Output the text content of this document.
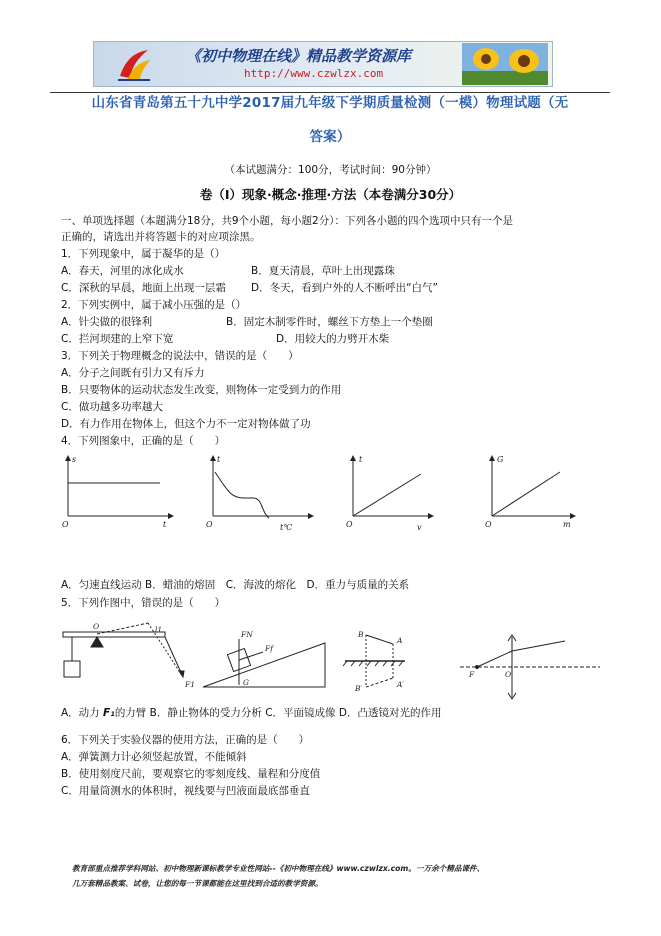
《初中物理在线》精品教学资源库
http://www.czwlzx.com
山东省青岛第五十九中学2017届九年级下学期质量检测（一模）物理试题（无
答案）
（本试题满分：100分，考试时间：90分钟）
卷（Ⅰ）现象·概念·推理·方法（本卷满分30分）
一、单项选择题（本题满分18分，共9个小题，每小题2分）：下列各小题的四个选项中只有一个是
正确的，请选出并将答题卡的对应项涂黑。
1．下列现象中，属于凝华的是（）
A．春天，河里的冰化成水	B．夏天清晨，草叶上出现露珠
C．深秋的早晨，地面上出现一层霜 D．冬天，看到户外的人不断呼出“白气”
2．下列实例中，属于减小压强的是（）
A．针尖做的很锋利	B．固定木制零件时，螺丝下方垫上一个垫圈
C．拦河坝建的上窄下宽	D．用较大的力劈开木柴
3．下列关于物理概念的说法中，错误的是（　　）
A．分子之间既有引力又有斥力
B．只要物体的运动状态发生改变，则物体一定受到力的作用
C．做功越多功率越大
D．有力作用在物体上，但这个力不一定对物体做了功
4．下列图象中，正确的是（　　）
s
t
O
t
t℃
O
t
v
O
G
O	m
A．匀速直线运动 B．蜡油的熔固　C．海波的熔化　D．重力与质量的关系
5．下列作图中，错误的是（　　）
O	l1
F1
FN
Ff
G
B
A
B′	A′
F	O
A．动力 F₁的力臂 B．静止物体的受力分析 C．平面镜成像 D．凸透镜对光的作用
6．下列关于实验仪器的使用方法，正确的是（　　）
A．弹簧测力计必须竖起放置，不能倾斜
B．使用刻度尺前，要观察它的零刻度线、量程和分度值
C．用量筒测水的体积时，视线要与凹液面最底部垂直
教育部重点推荐学科网站、初中物理新课标教学专业性网站--《初中物理在线》www.czwlzx.com。一万余个精品课件、
几万套精品教案、试卷，让您的每一节课都能在这里找到合适的教学资源。
